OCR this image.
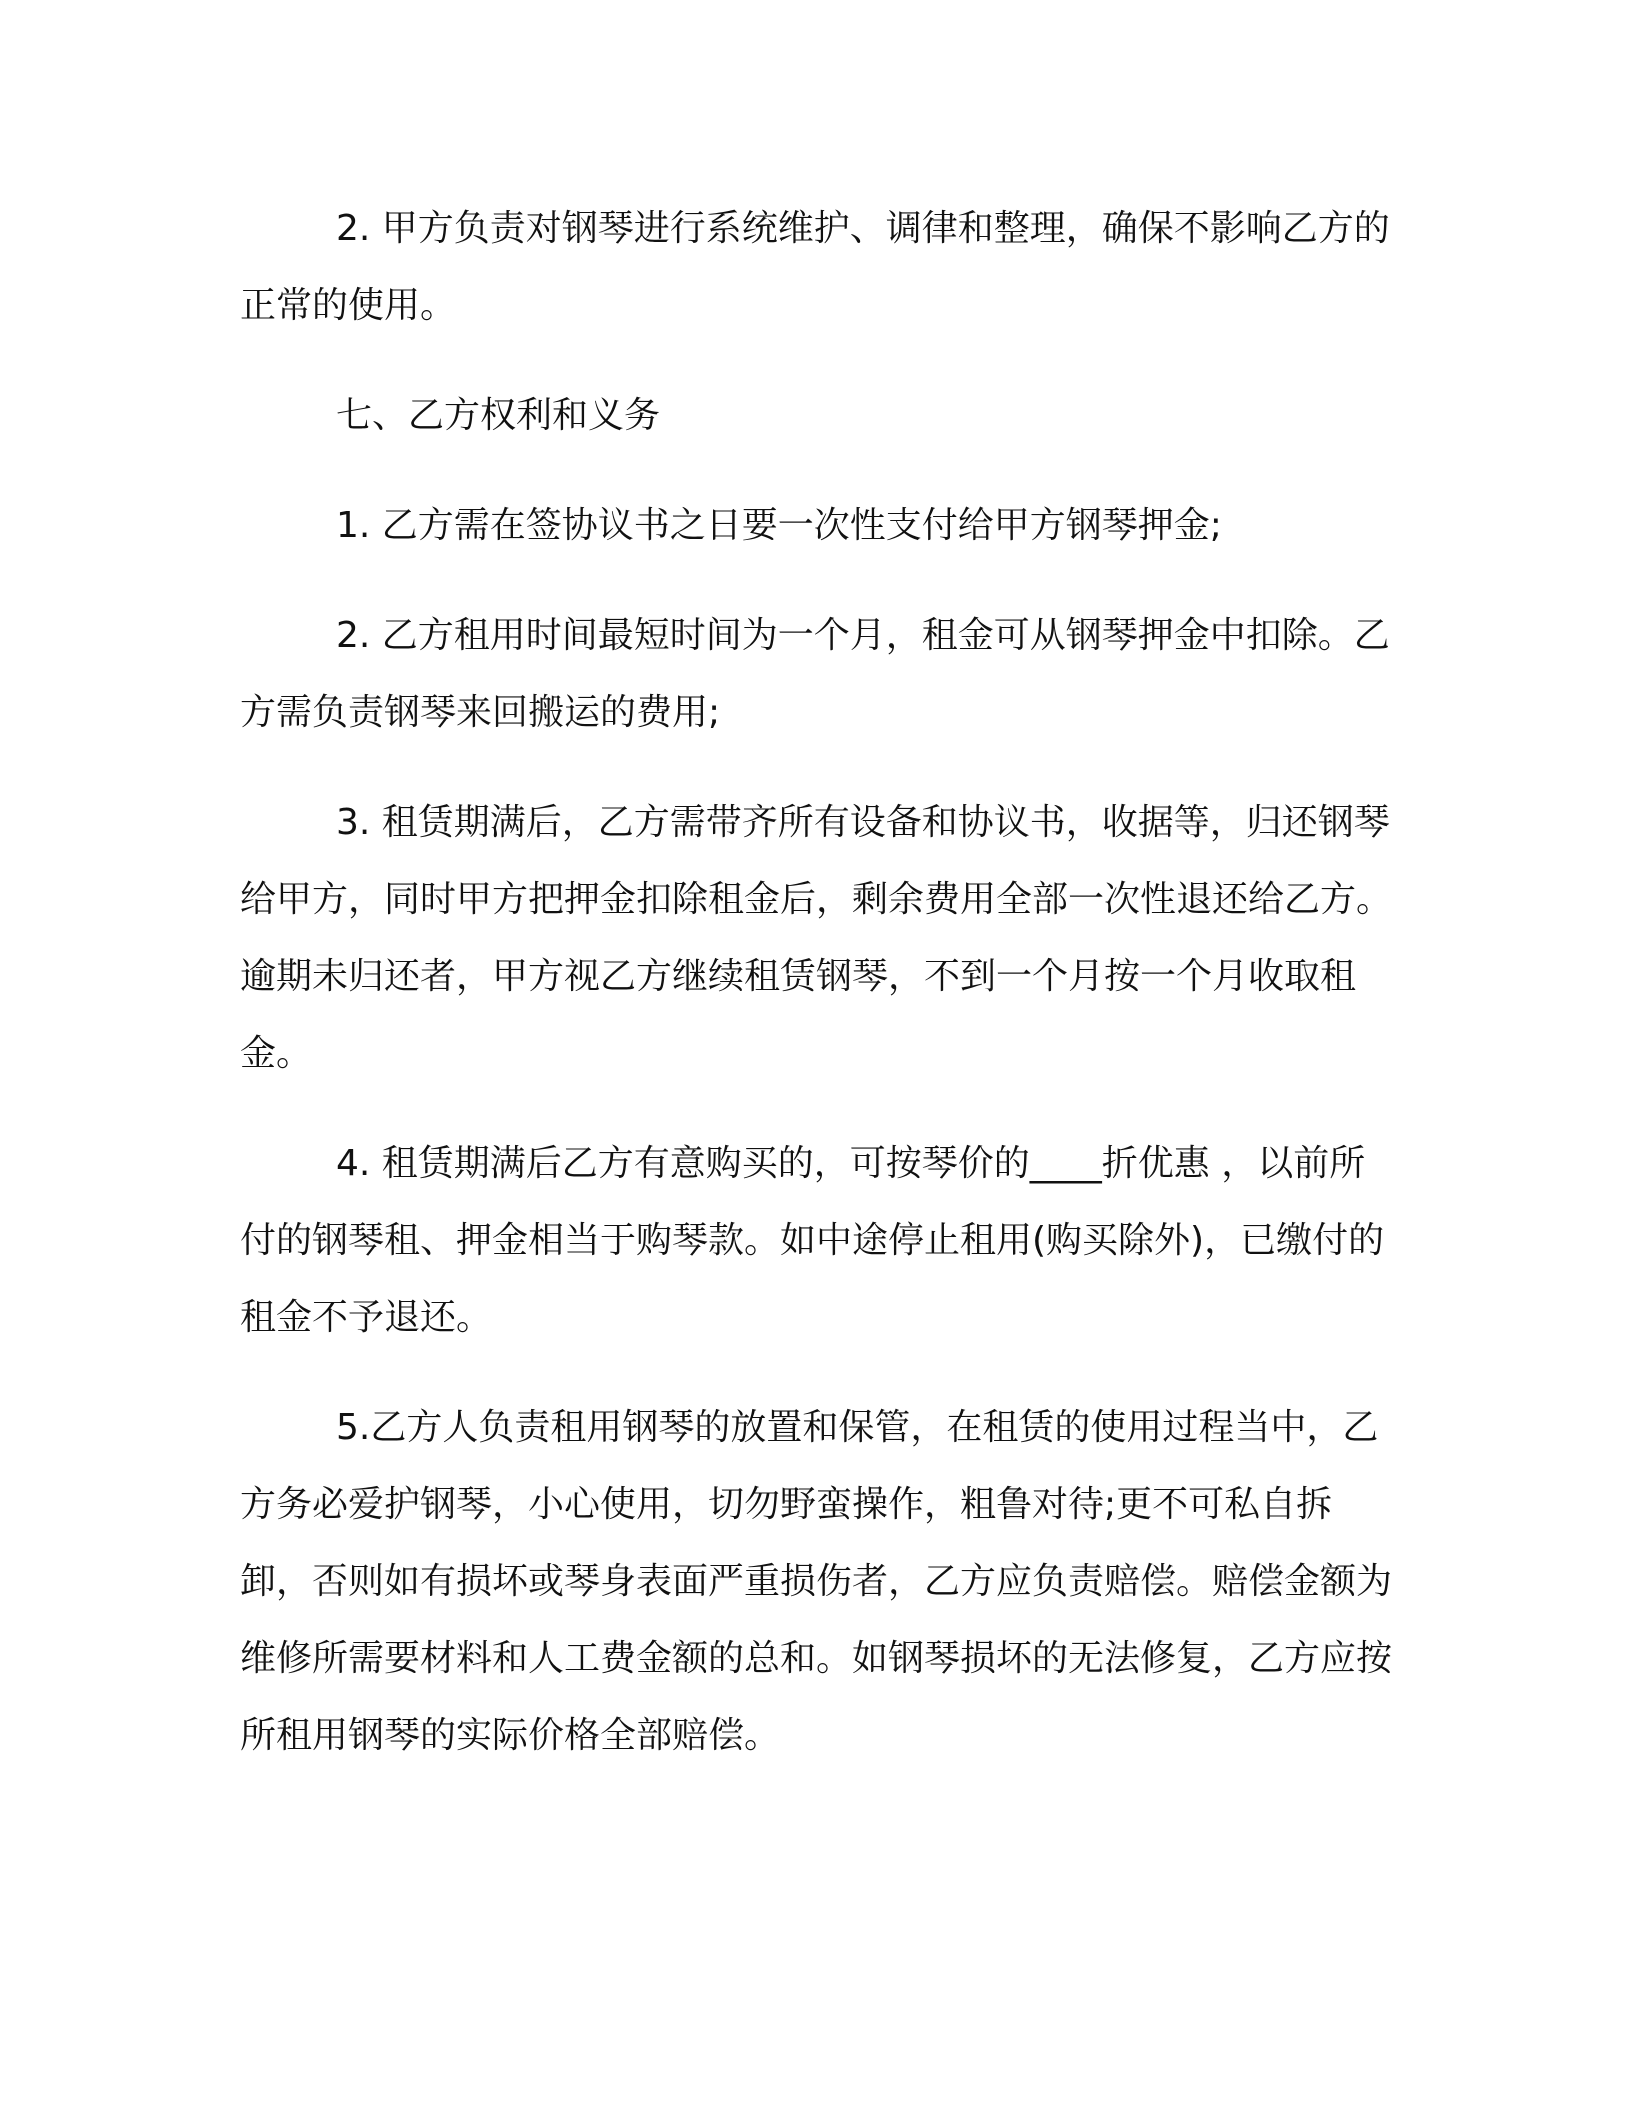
2. 甲方负责对钢琴进行系统维护、调律和整理，确保不影响乙方的正常的使用。

七、乙方权利和义务

1. 乙方需在签协议书之日要一次性支付给甲方钢琴押金;

2. 乙方租用时间最短时间为一个月，租金可从钢琴押金中扣除。乙方需负责钢琴来回搬运的费用;

3. 租赁期满后，乙方需带齐所有设备和协议书，收据等，归还钢琴给甲方，同时甲方把押金扣除租金后，剩余费用全部一次性退还给乙方。逾期未归还者，甲方视乙方继续租赁钢琴，不到一个月按一个月收取租金。

4. 租赁期满后乙方有意购买的，可按琴价的____折优惠 ，以前所付的钢琴租、押金相当于购琴款。如中途停止租用(购买除外)，已缴付的租金不予退还。

5.乙方人负责租用钢琴的放置和保管，在租赁的使用过程当中，乙方务必爱护钢琴，小心使用，切勿野蛮操作，粗鲁对待;更不可私自拆卸，否则如有损坏或琴身表面严重损伤者，乙方应负责赔偿。赔偿金额为维修所需要材料和人工费金额的总和。如钢琴损坏的无法修复，乙方应按所租用钢琴的实际价格全部赔偿。
